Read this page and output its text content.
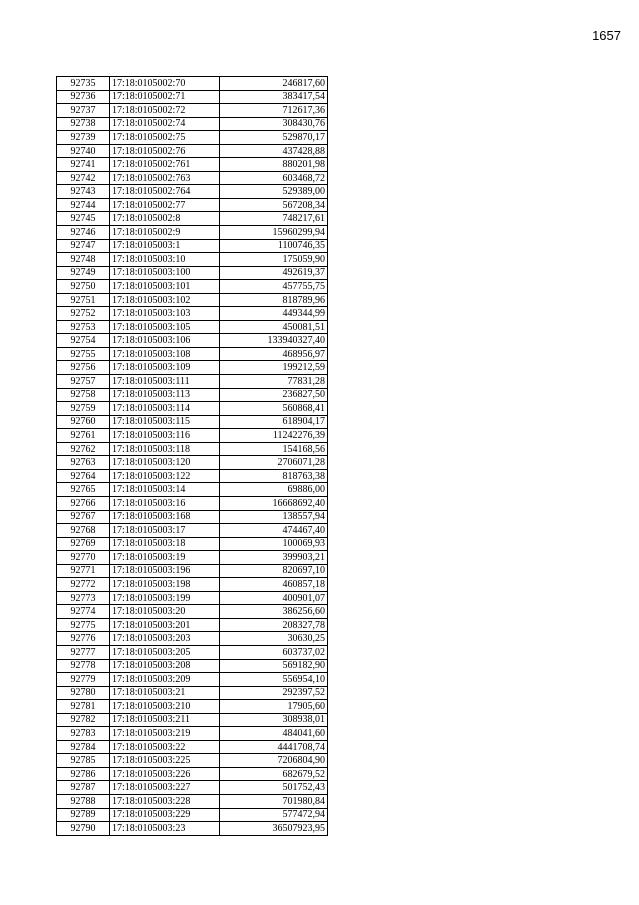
1657
92735	17:18:0105002:70	246817,60
92736	17:18:0105002:71	383417,54
92737	17:18:0105002:72	712617,36
92738	17:18:0105002:74	308430,76
92739	17:18:0105002:75	529870,17
92740	17:18:0105002:76	437428,88
92741	17:18:0105002:761	880201,98
92742	17:18:0105002:763	603468,72
92743	17:18:0105002:764	529389,00
92744	17:18:0105002:77	567208,34
92745	17:18:0105002:8	748217,61
92746	17:18:0105002:9	15960299,94
92747	17:18:0105003:1	1100746,35
92748	17:18:0105003:10	175059,90
92749	17:18:0105003:100	492619,37
92750	17:18:0105003:101	457755,75
92751	17:18:0105003:102	818789,96
92752	17:18:0105003:103	449344,99
92753	17:18:0105003:105	450081,51
92754	17:18:0105003:106	133940327,40
92755	17:18:0105003:108	468956,97
92756	17:18:0105003:109	199212,59
92757	17:18:0105003:111	77831,28
92758	17:18:0105003:113	236827,50
92759	17:18:0105003:114	560868,41
92760	17:18:0105003:115	618904,17
92761	17:18:0105003:116	11242276,39
92762	17:18:0105003:118	154168,56
92763	17:18:0105003:120	2706071,28
92764	17:18:0105003:122	818763,38
92765	17:18:0105003:14	69886,00
92766	17:18:0105003:16	16668692,40
92767	17:18:0105003:168	138557,94
92768	17:18:0105003:17	474467,40
92769	17:18:0105003:18	100069,93
92770	17:18:0105003:19	399903,21
92771	17:18:0105003:196	820697,10
92772	17:18:0105003:198	460857,18
92773	17:18:0105003:199	400901,07
92774	17:18:0105003:20	386256,60
92775	17:18:0105003:201	208327,78
92776	17:18:0105003:203	30630,25
92777	17:18:0105003:205	603737,02
92778	17:18:0105003:208	569182,90
92779	17:18:0105003:209	556954,10
92780	17:18:0105003:21	292397,52
92781	17:18:0105003:210	17905,60
92782	17:18:0105003:211	308938,01
92783	17:18:0105003:219	484041,60
92784	17:18:0105003:22	4441708,74
92785	17:18:0105003:225	7206804,90
92786	17:18:0105003:226	682679,52
92787	17:18:0105003:227	501752,43
92788	17:18:0105003:228	701980,84
92789	17:18:0105003:229	577472,94
92790	17:18:0105003:23	36507923,95
